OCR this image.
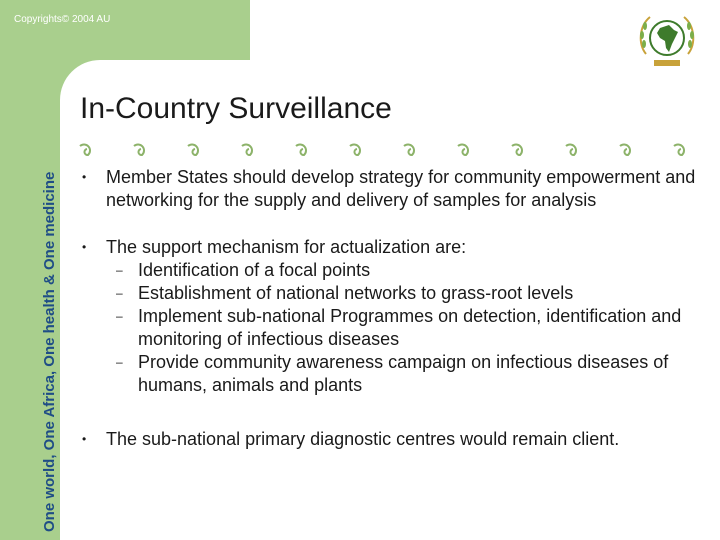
Copyrights© 2004 AU
One world, One Africa, One health & One medicine
In-Country Surveillance
• Member States should develop strategy for community empowerment and networking for the supply and delivery of samples for analysis
• The support mechanism for actualization are:
– Identification of a focal points
– Establishment of national networks to grass-root levels
– Implement sub-national Programmes on detection, identification and monitoring of infectious diseases
– Provide community awareness campaign on infectious diseases of humans, animals and plants
• The sub-national primary diagnostic centres would remain client.
